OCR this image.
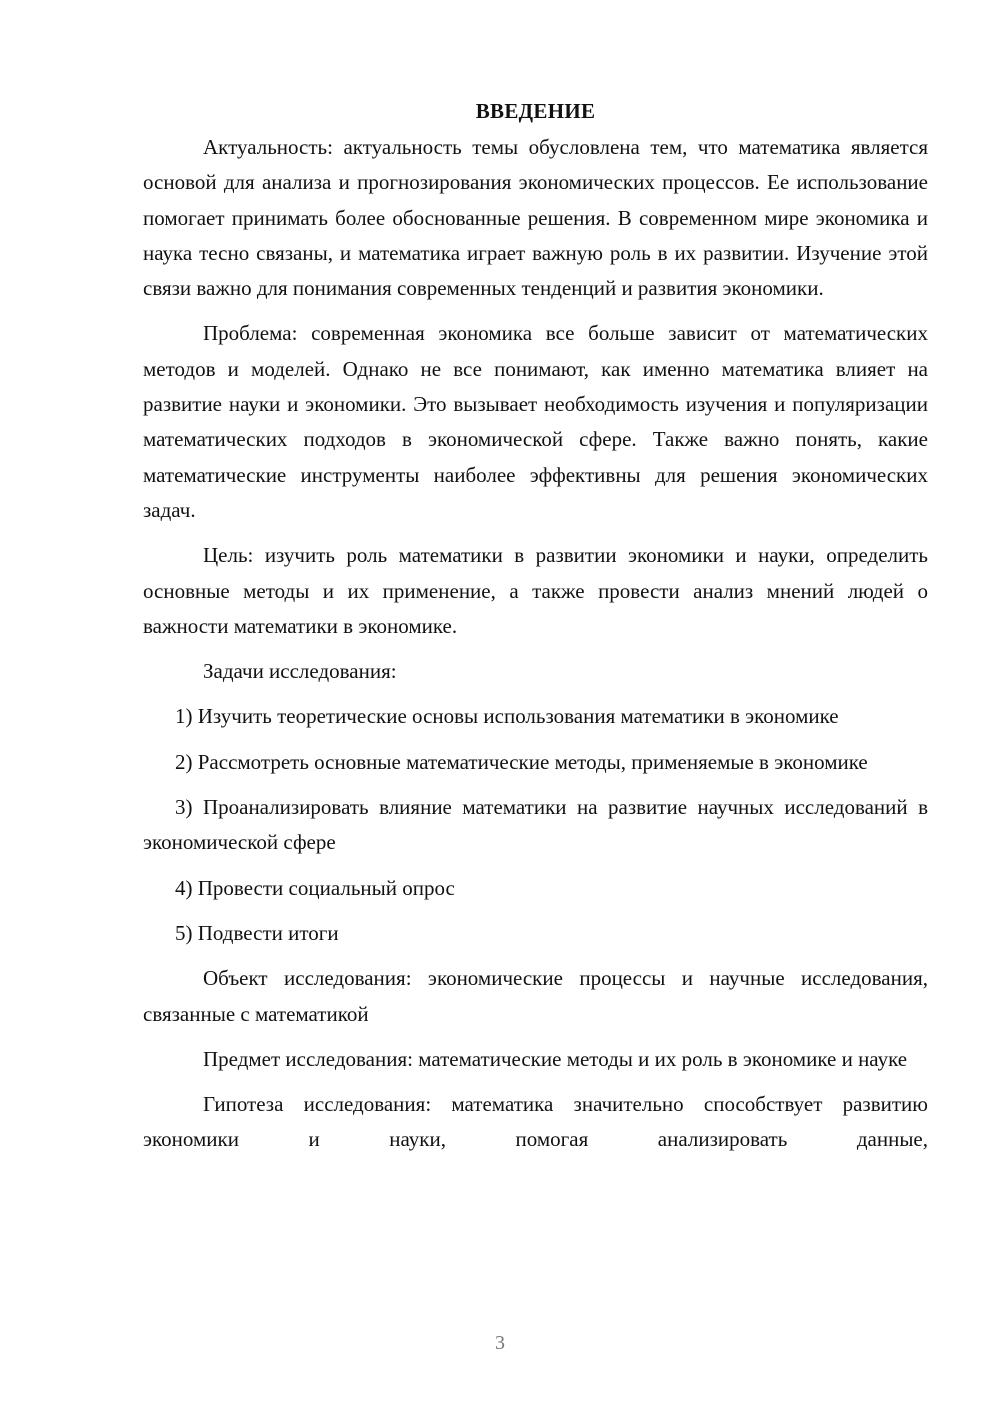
ВВЕДЕНИЕ

Актуальность: актуальность темы обусловлена тем, что математика является основой для анализа и прогнозирования экономических процессов. Ее использование помогает принимать более обоснованные решения. В современном мире экономика и наука тесно связаны, и математика играет важную роль в их развитии. Изучение этой связи важно для понимания современных тенденций и развития экономики.

Проблема: современная экономика все больше зависит от математических методов и моделей. Однако не все понимают, как именно математика влияет на развитие науки и экономики. Это вызывает необходимость изучения и популяризации математических подходов в экономической сфере. Также важно понять, какие математические инструменты наиболее эффективны для решения экономических задач.

Цель: изучить роль математики в развитии экономики и науки, определить основные методы и их применение, а также провести анализ мнений людей о важности математики в экономике.

Задачи исследования:

1) Изучить теоретические основы использования математики в экономике

2) Рассмотреть основные математические методы, применяемые в экономике

3) Проанализировать влияние математики на развитие научных исследований в экономической сфере

4) Провести социальный опрос

5) Подвести итоги

Объект исследования: экономические процессы и научные исследования, связанные с математикой

Предмет исследования: математические методы и их роль в экономике и науке

Гипотеза исследования: математика значительно способствует развитию экономики и науки, помогая анализировать данные,

3
